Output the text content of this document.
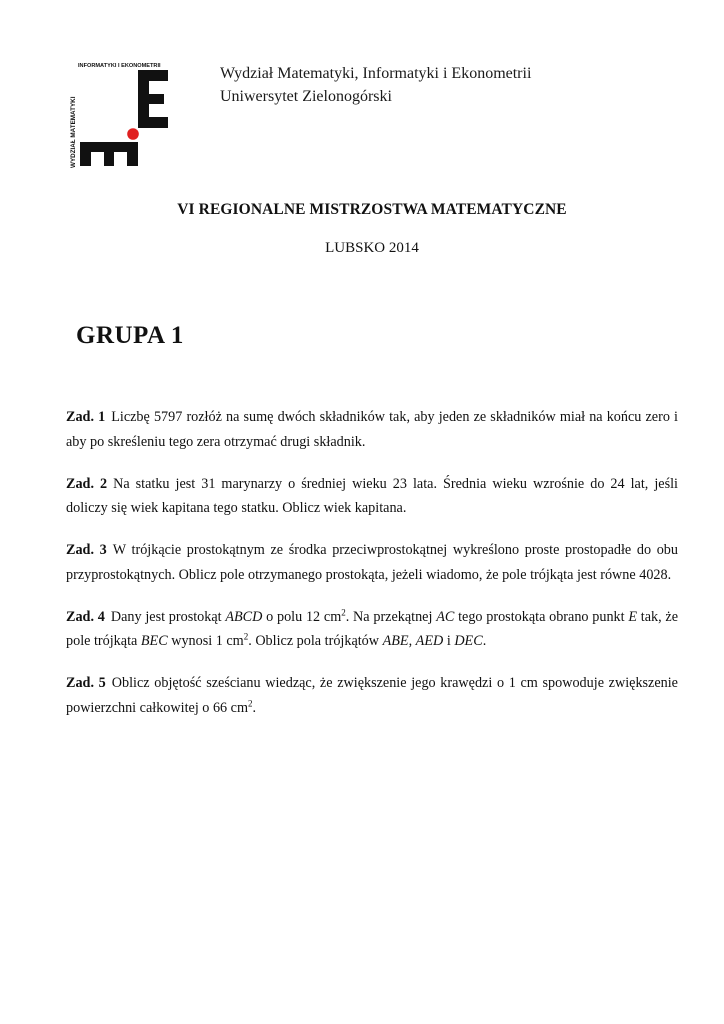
WYDZIAŁ MATEMATYKI
INFORMATYKI I EKONOMETRII	Wydział Matematyki, Informatyki i Ekonometrii
Uniwersytet Zielonogórski
VI REGIONALNE MISTRZOSTWA MATEMATYCZNE
LUBSKO 2014
GRUPA 1
Zad. 1 Liczbę 5797 rozłóż na sumę dwóch składników tak, aby jeden ze składników miał na końcu zero i aby po skreśleniu tego zera otrzymać drugi składnik.
Zad. 2 Na statku jest 31 marynarzy o średniej wieku 23 lata. Średnia wieku wzrośnie do 24 lat, jeśli doliczy się wiek kapitana tego statku. Oblicz wiek kapitana.
Zad. 3 W trójkącie prostokątnym ze środka przeciwprostokątnej wykreślono proste prostopadłe do obu przyprostokątnych. Oblicz pole otrzymanego prostokąta, jeżeli wiadomo, że pole trójkąta jest równe 4028.
Zad. 4 Dany jest prostokąt ABCD o polu 12 $cm^2$. Na przekątnej AC tego prostokąta obrano punkt E tak, że pole trójkąta BEC wynosi 1 $cm^2$. Oblicz pola trójkątów ABE, AED i DEC.
Zad. 5 Oblicz objętość sześcianu wiedząc, że zwiększenie jego krawędzi o 1 cm spowoduje zwiększenie powierzchni całkowitej o 66 $cm^2$.
